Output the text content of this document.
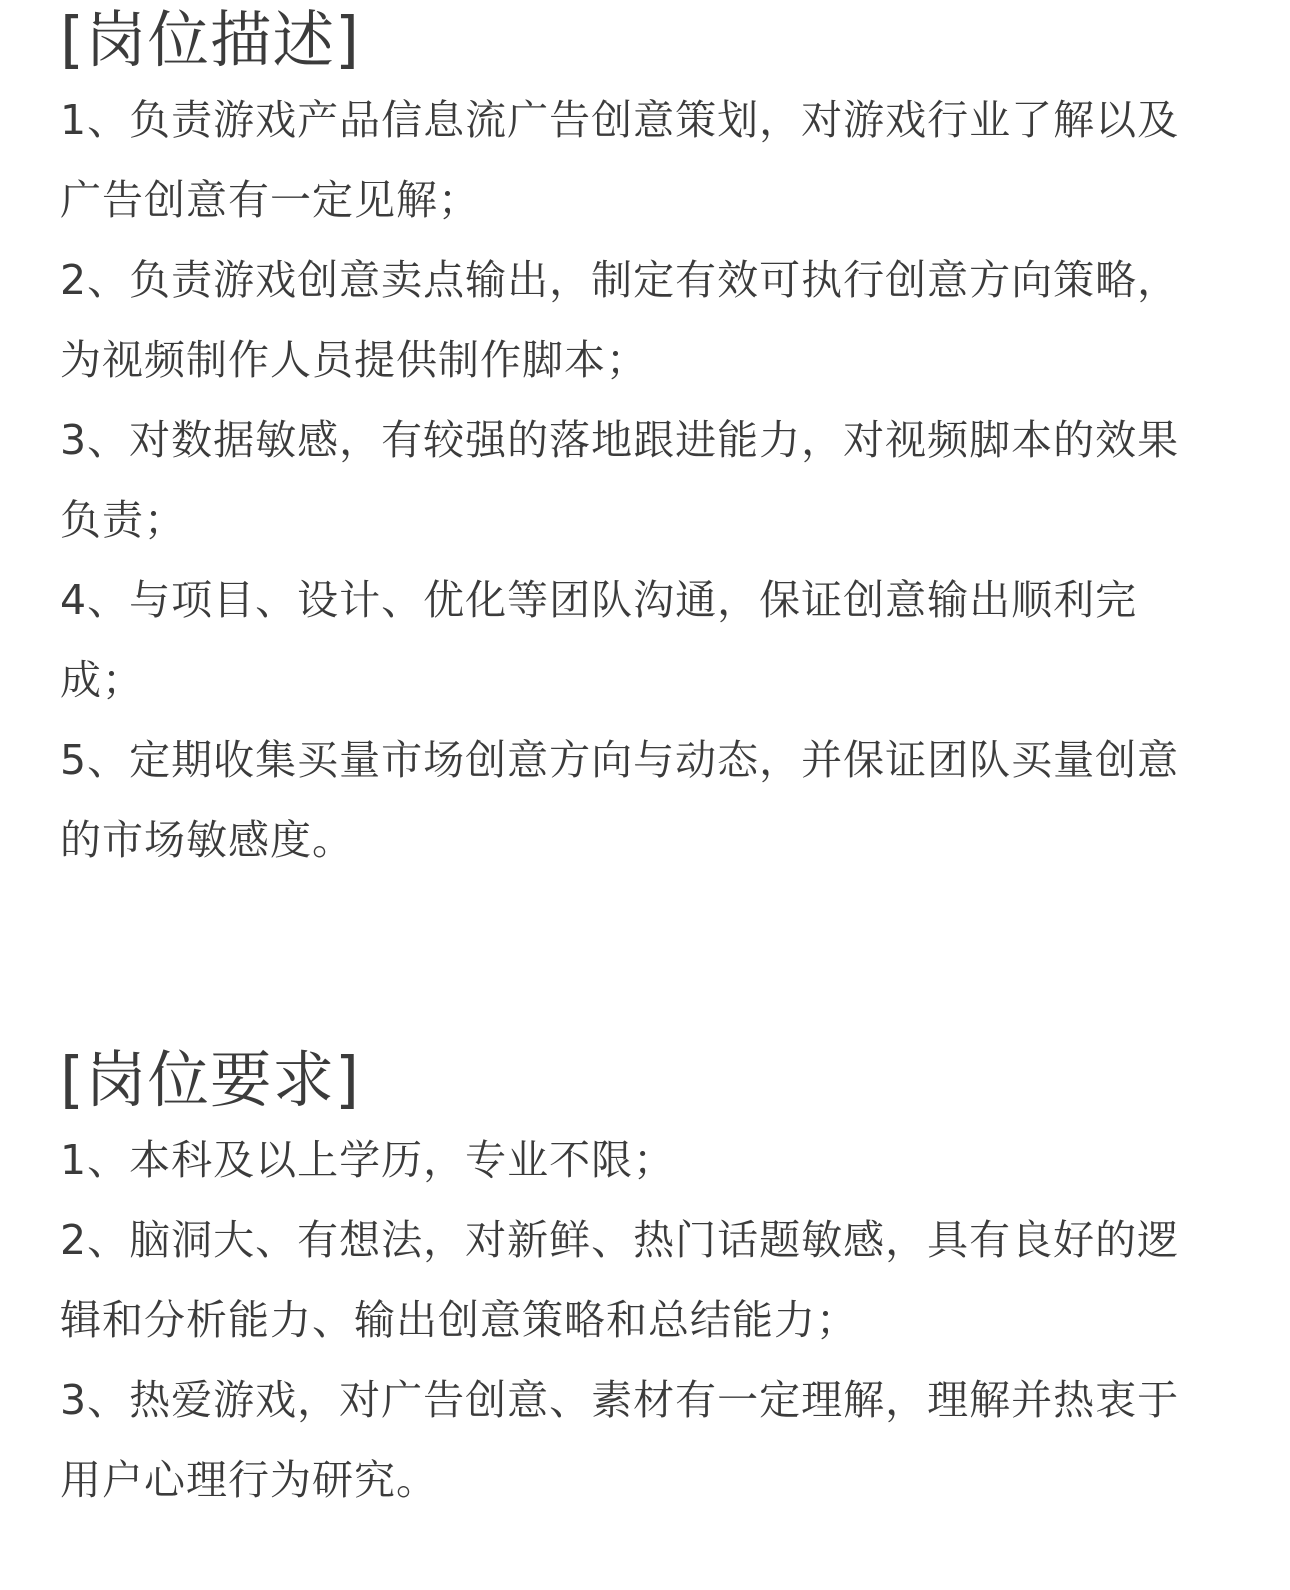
[岗位描述]

1、负责游戏产品信息流广告创意策划，对游戏行业了解以及广告创意有一定见解；

2、负责游戏创意卖点输出，制定有效可执行创意方向策略，为视频制作人员提供制作脚本；

3、对数据敏感，有较强的落地跟进能力，对视频脚本的效果负责；

4、与项目、设计、优化等团队沟通，保证创意输出顺利完成；

5、定期收集买量市场创意方向与动态，并保证团队买量创意的市场敏感度。

[岗位要求]

1、本科及以上学历，专业不限；

2、脑洞大、有想法，对新鲜、热门话题敏感，具有良好的逻辑和分析能力、输出创意策略和总结能力；

3、热爱游戏，对广告创意、素材有一定理解，理解并热衷于用户心理行为研究。
